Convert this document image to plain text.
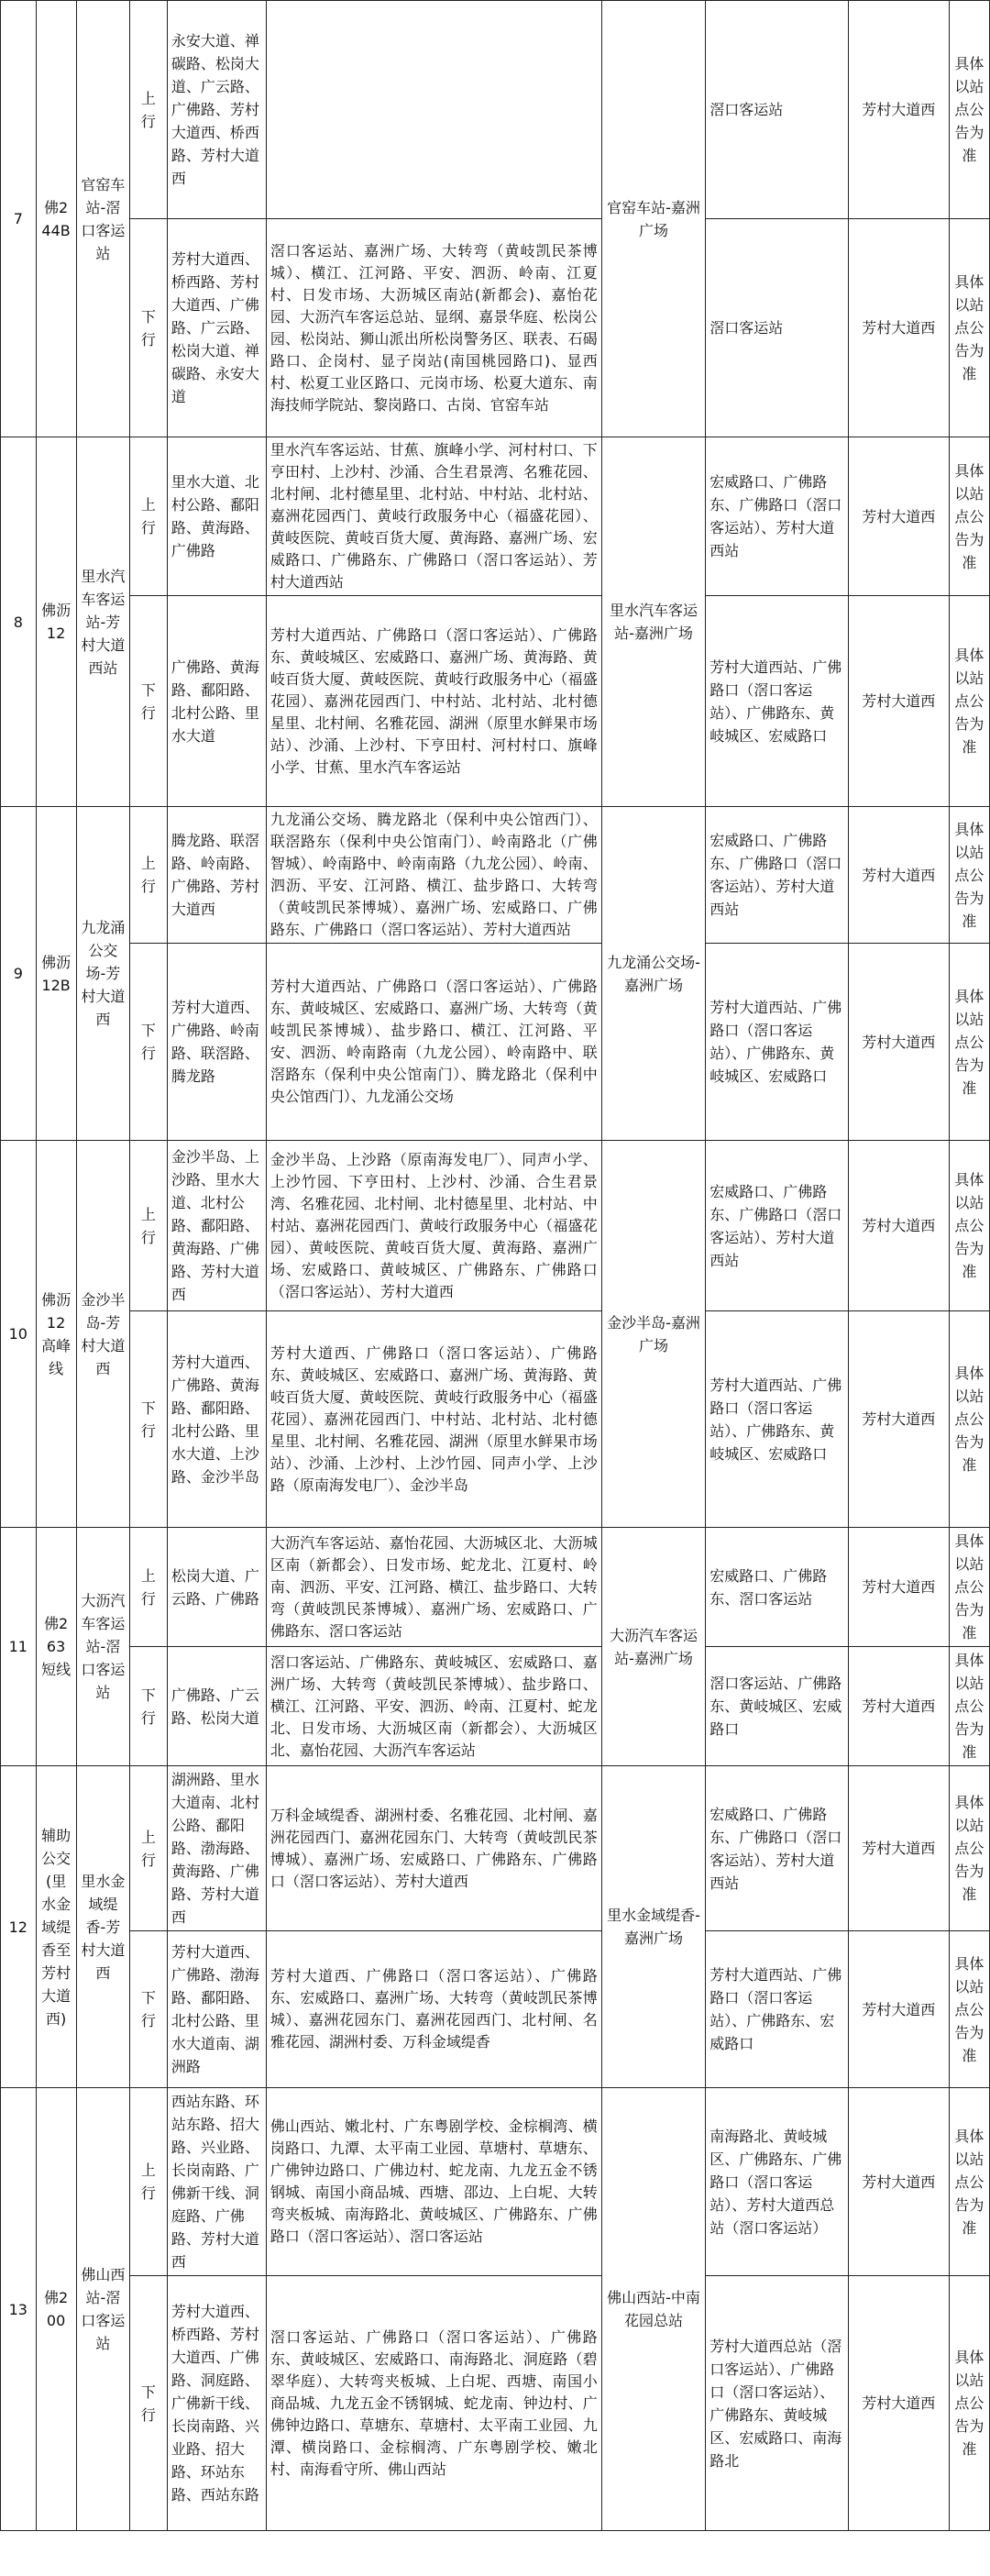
7	佛244B	官窑车站-滘口客运站	上行	永安大道、禅碳路、松岗大道、广云路、广佛路、芳村大道西、桥西路、芳村大道西		官窑车站-嘉洲广场	滘口客运站	芳村大道西	具体以站点公告为准
			下行	芳村大道西、桥西路、芳村大道西、广佛路、广云路、松岗大道、禅碳路、永安大道	滘口客运站、嘉洲广场、大转弯（黄岐凯民茶博城）、横江、江河路、平安、泗沥、岭南、江夏村、日发市场、大沥城区南站(新都会)、嘉怡花园、大沥汽车客运总站、显纲、嘉景华庭、松岗公园、松岗站、狮山派出所松岗警务区、联表、石碣路口、企岗村、显子岗站(南国桃园路口)、显西村、松夏工业区路口、元岗市场、松夏大道东、南海技师学院站、黎岗路口、古岗、官窑车站		滘口客运站	芳村大道西	具体以站点公告为准
8	佛沥12	里水汽车客运站-芳村大道西站	上行	里水大道、北村公路、鄱阳路、黄海路、广佛路	里水汽车客运站、甘蕉、旗峰小学、河村村口、下亨田村、上沙村、沙涌、合生君景湾、名雅花园、北村闸、北村德星里、北村站、中村站、北村站、嘉洲花园西门、黄岐行政服务中心（福盛花园）、黄岐医院、黄岐百货大厦、黄海路、嘉洲广场、宏威路口、广佛路东、广佛路口（滘口客运站）、芳村大道西站	里水汽车客运站-嘉洲广场	宏威路口、广佛路东、广佛路口（滘口客运站）、芳村大道西站	芳村大道西	具体以站点公告为准
			下行	广佛路、黄海路、鄱阳路、北村公路、里水大道	芳村大道西站、广佛路口（滘口客运站）、广佛路东、黄岐城区、宏威路口、嘉洲广场、黄海路、黄岐百货大厦、黄岐医院、黄岐行政服务中心（福盛花园）、嘉洲花园西门、中村站、北村站、北村德星里、北村闸、名雅花园、湖洲（原里水鲜果市场站）、沙涌、上沙村、下亨田村、河村村口、旗峰小学、甘蕉、里水汽车客运站		芳村大道西站、广佛路口（滘口客运站）、广佛路东、黄岐城区、宏威路口	芳村大道西	具体以站点公告为准
9	佛沥12B	九龙涌公交场-芳村大道西	上行	腾龙路、联滘路、岭南路、广佛路、芳村大道西	九龙涌公交场、腾龙路北（保利中央公馆西门）、联滘路东（保利中央公馆南门）、岭南路北（广佛智城）、岭南路中、岭南南路（九龙公园）、岭南、泗沥、平安、江河路、横江、盐步路口、大转弯（黄岐凯民茶博城）、嘉洲广场、宏威路口、广佛路东、广佛路口（滘口客运站）、芳村大道西站	九龙涌公交场-嘉洲广场	宏威路口、广佛路东、广佛路口（滘口客运站）、芳村大道西站	芳村大道西	具体以站点公告为准
			下行	芳村大道西、广佛路、岭南路、联滘路、腾龙路	芳村大道西站、广佛路口（滘口客运站）、广佛路东、黄岐城区、宏威路口、嘉洲广场、大转弯（黄岐凯民茶博城）、盐步路口、横江、江河路、平安、泗沥、岭南路南（九龙公园）、岭南路中、联滘路东（保利中央公馆南门）、腾龙路北（保利中央公馆西门）、九龙涌公交场		芳村大道西站、广佛路口（滘口客运站）、广佛路东、黄岐城区、宏威路口	芳村大道西	具体以站点公告为准
10	佛沥12高峰线	金沙半岛-芳村大道西	上行	金沙半岛、上沙路、里水大道、北村公路、鄱阳路、黄海路、广佛路、芳村大道西	金沙半岛、上沙路（原南海发电厂）、同声小学、上沙竹园、下亨田村、上沙村、沙涌、合生君景湾、名雅花园、北村闸、北村德星里、北村站、中村站、嘉洲花园西门、黄岐行政服务中心（福盛花园）、黄岐医院、黄岐百货大厦、黄海路、嘉洲广场、宏威路口、黄岐城区、广佛路东、广佛路口（滘口客运站）、芳村大道西	金沙半岛-嘉洲广场	宏威路口、广佛路东、广佛路口（滘口客运站）、芳村大道西站	芳村大道西	具体以站点公告为准
			下行	芳村大道西、广佛路、黄海路、鄱阳路、北村公路、里水大道、上沙路、金沙半岛	芳村大道西、广佛路口（滘口客运站）、广佛路东、黄岐城区、宏威路口、嘉洲广场、黄海路、黄岐百货大厦、黄岐医院、黄岐行政服务中心（福盛花园）、嘉洲花园西门、中村站、北村站、北村德星里、北村闸、名雅花园、湖洲（原里水鲜果市场站）、沙涌、上沙村、上沙竹园、同声小学、上沙路（原南海发电厂）、金沙半岛		芳村大道西站、广佛路口（滘口客运站）、广佛路东、黄岐城区、宏威路口	芳村大道西	具体以站点公告为准
11	佛263短线	大沥汽车客运站-滘口客运站	上行	松岗大道、广云路、广佛路	大沥汽车客运站、嘉怡花园、大沥城区北、大沥城区南（新都会）、日发市场、蛇龙北、江夏村、岭南、泗沥、平安、江河路、横江、盐步路口、大转弯（黄岐凯民茶博城）、嘉洲广场、宏威路口、广佛路东、滘口客运站	大沥汽车客运站-嘉洲广场	宏威路口、广佛路东、滘口客运站	芳村大道西	具体以站点公告为准
			下行	广佛路、广云路、松岗大道	滘口客运站、广佛路东、黄岐城区、宏威路口、嘉洲广场、大转弯（黄岐凯民茶博城）、盐步路口、横江、江河路、平安、泗沥、岭南、江夏村、蛇龙北、日发市场、大沥城区南（新都会）、大沥城区北、嘉怡花园、大沥汽车客运站		滘口客运站、广佛路东、黄岐城区、宏威路口	芳村大道西	具体以站点公告为准
12	辅助公交(里水金域缇香至芳村大道西)	里水金域缇香-芳村大道西	上行	湖洲路、里水大道南、北村公路、鄱阳路、渤海路、黄海路、广佛路、芳村大道西	万科金域缇香、湖洲村委、名雅花园、北村闸、嘉洲花园西门、嘉洲花园东门、大转弯（黄岐凯民茶博城）、嘉洲广场、宏威路口、广佛路东、广佛路口（滘口客运站）、芳村大道西	里水金域缇香-嘉洲广场	宏威路口、广佛路东、广佛路口（滘口客运站）、芳村大道西站	芳村大道西	具体以站点公告为准
			下行	芳村大道西、广佛路、渤海路、鄱阳路、北村公路、里水大道南、湖洲路	芳村大道西、广佛路口（滘口客运站）、广佛路东、宏威路口、嘉洲广场、大转弯（黄岐凯民茶博城）、嘉洲花园东门、嘉洲花园西门、北村闸、名雅花园、湖洲村委、万科金域缇香		芳村大道西站、广佛路口（滘口客运站）、广佛路东、宏威路口	芳村大道西	具体以站点公告为准
13	佛200	佛山西站-滘口客运站	上行	西站东路、环站东路、招大路、兴业路、长岗南路、广佛新干线、洞庭路、广佛路、芳村大道西	佛山西站、嫩北村、广东粤剧学校、金棕榈湾、横岗路口、九潭、太平南工业园、草塘村、草塘东、广佛钟边路口、广佛边村、蛇龙南、九龙五金不锈钢城、南国小商品城、西塘、邵边、上白坭、大转弯夹板城、南海路北、黄岐城区、广佛路东、广佛路口（滘口客运站）、滘口客运站	佛山西站-中南花园总站	南海路北、黄岐城区、广佛路东、广佛路口（滘口客运站）、芳村大道西总站（滘口客运站）	芳村大道西	具体以站点公告为准
			下行	芳村大道西、桥西路、芳村大道西、广佛路、洞庭路、广佛新干线、长岗南路、兴业路、招大路、环站东路、西站东路	滘口客运站、广佛路口（滘口客运站）、广佛路东、黄岐城区、宏威路口、南海路北、洞庭路（碧翠华庭）、大转弯夹板城、上白坭、西塘、南国小商品城、九龙五金不锈钢城、蛇龙南、钟边村、广佛钟边路口、草塘东、草塘村、太平南工业园、九潭、横岗路口、金棕榈湾、广东粤剧学校、嫩北村、南海看守所、佛山西站		芳村大道西总站（滘口客运站）、广佛路口（滘口客运站）、广佛路东、黄岐城区、宏威路口、南海路北	芳村大道西	具体以站点公告为准
